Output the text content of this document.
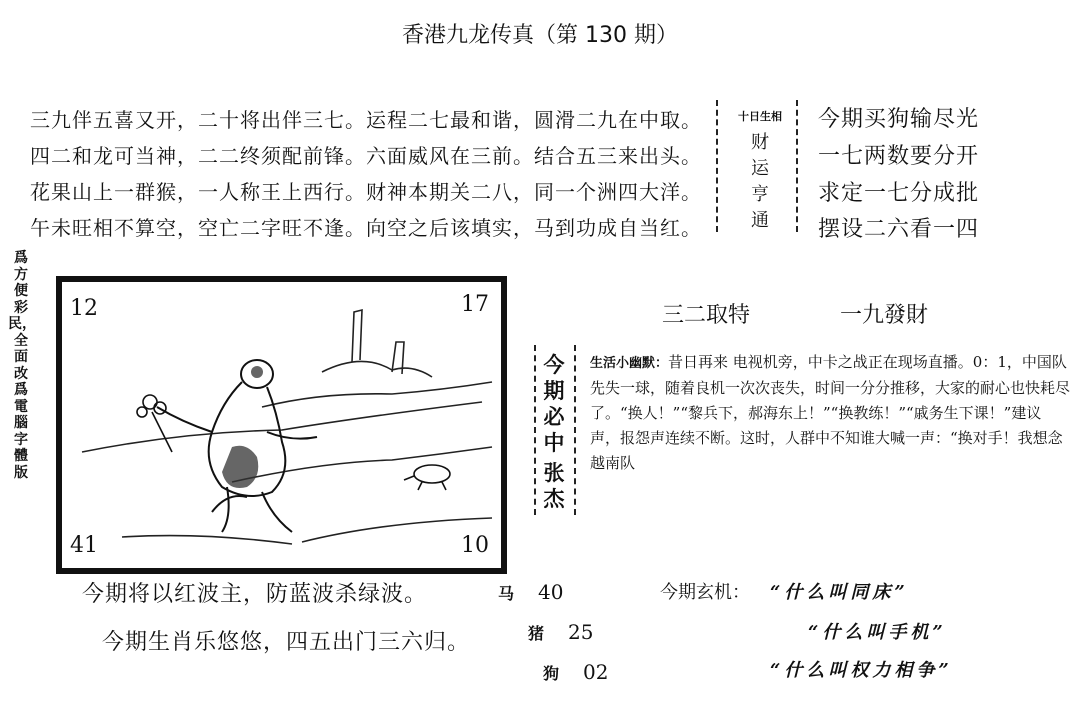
香港九龙传真（第 130 期）
三九伴五喜又开，二十将出伴三七。运程二七最和谐，圆滑二九在中取。
四二和龙可当神，二二终须配前锋。六面威风在三前。结合五三来出头。
花果山上一群猴，一人称王上西行。财神本期关二八，同一个洲四大洋。
午未旺相不算空，空亡二字旺不逢。向空之后该填实，马到功成自当红。
十日生相
财
运
亨
通
今期买狗输尽光
一七两数要分开
求定一七分成批
摆设二六看一四
爲方便彩民，全面改爲電腦字體版
12	17
41	10
三二取特	一九發財
今
期
必
中
张
杰
生活小幽默：昔日再来 电视机旁，中卡之战正在现场直播。0：1，中国队先失一球，随着良机一次次丧失，时间一分分推移，大家的耐心也快耗尽了。“换人！”“黎兵下，郝海东上！”“换教练！”“戚务生下课！”建议声，报怨声连续不断。这时，人群中不知谁大喊一声：“换对手！我想念越南队
今期将以红波主，防蓝波杀绿波。
今期生肖乐悠悠，四五出门三六归。
马 40
猪 25
狗 02
今期玄机： “什么叫同床”
“什么叫手机”
“什么叫权力相争”
